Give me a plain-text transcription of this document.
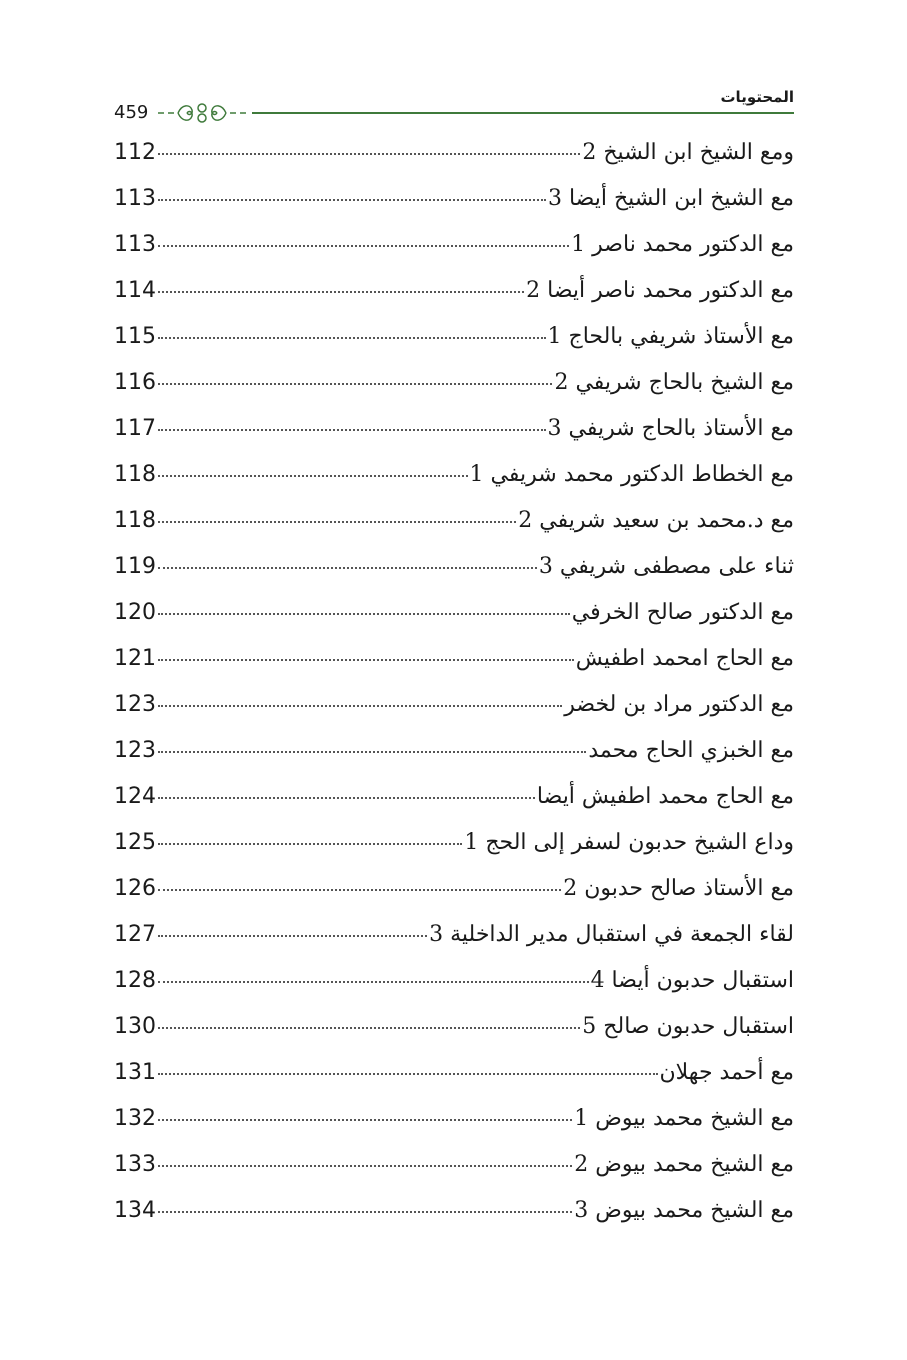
459
المحتويات
112	ومع الشيخ ابن الشيخ 2
113	مع الشيخ ابن الشيخ أيضا 3
113	مع الدكتور محمد ناصر 1
114	مع الدكتور محمد ناصر أيضا 2
115	مع الأستاذ شريفي بالحاج 1
116	مع الشيخ بالحاج شريفي 2
117	مع الأستاذ بالحاج شريفي 3
118	مع الخطاط الدكتور محمد شريفي 1
118	مع د.محمد بن سعيد شريفي 2
119	ثناء على مصطفى شريفي 3
120	مع الدكتور صالح الخرفي
121	مع الحاج امحمد اطفيش
123	مع الدكتور مراد بن لخضر
123	مع الخبزي الحاج محمد
124	مع الحاج محمد اطفيش أيضا
125	وداع الشيخ حدبون لسفر إلى الحج 1
126	مع الأستاذ صالح حدبون 2
127	لقاء الجمعة في استقبال مدير الداخلية 3
128	استقبال حدبون أيضا 4
130	استقبال حدبون صالح 5
131	مع أحمد جهلان
132	مع الشيخ محمد بيوض 1
133	مع الشيخ محمد بيوض 2
134	مع الشيخ محمد بيوض 3
